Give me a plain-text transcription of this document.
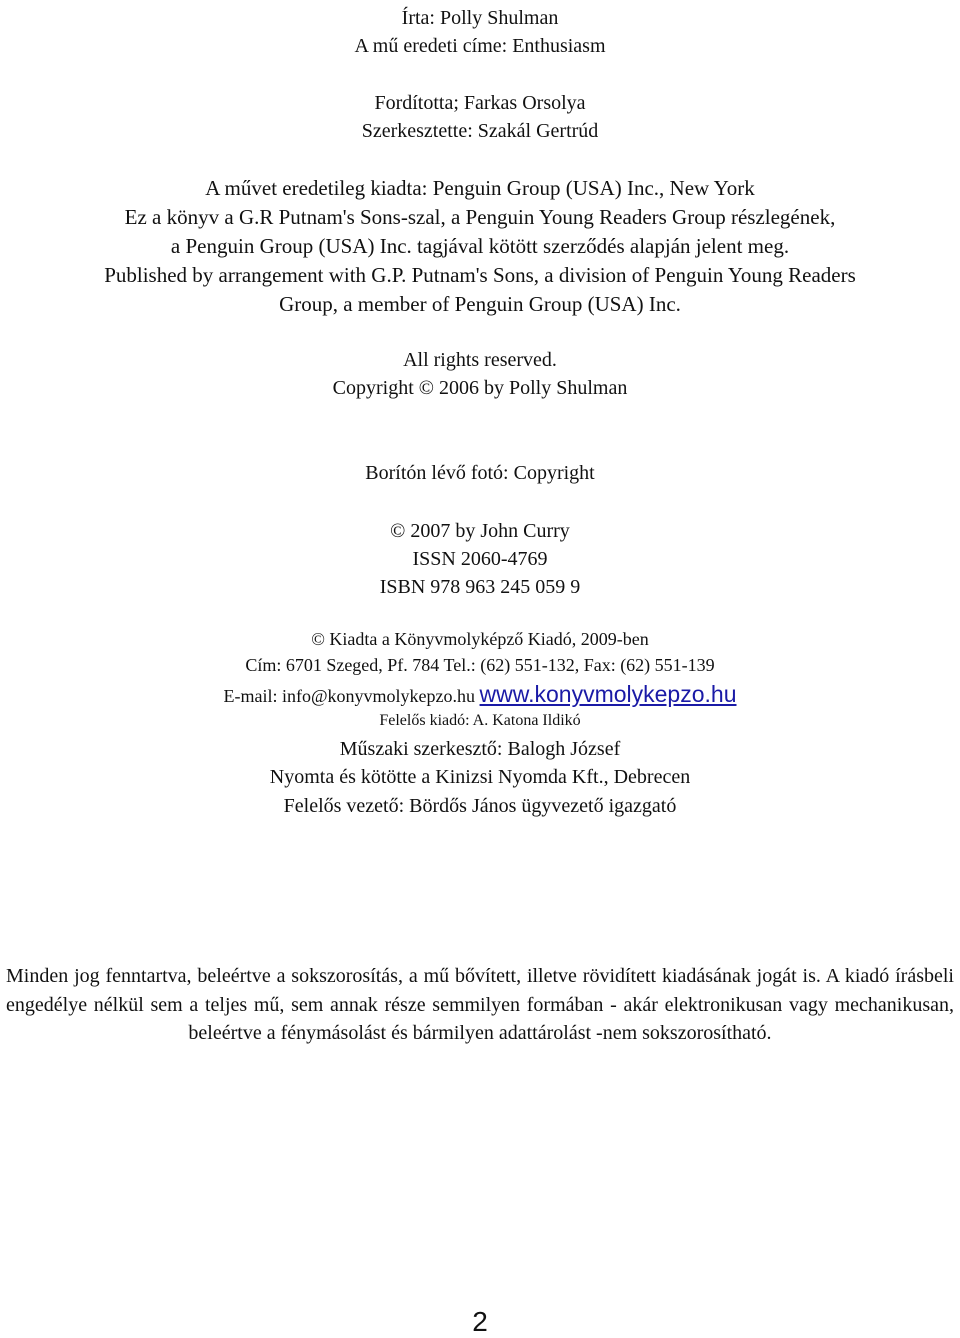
Írta: Polly Shulman

A mű eredeti címe: Enthusiasm

Fordította; Farkas Orsolya

Szerkesztette: Szakál Gertrúd

A művet eredetileg kiadta: Penguin Group (USA) Inc., New York

Ez a könyv a G.R Putnam's Sons-szal, a Penguin Young Readers Group részlegének,

a Penguin Group (USA) Inc. tagjával kötött szerződés alapján jelent meg.

Published by arrangement with G.P. Putnam's Sons, a division of Penguin Young Readers

Group, a member of Penguin Group (USA) Inc.

All rights reserved.

Copyright © 2006 by Polly Shulman

Borítón lévő fotó: Copyright

© 2007 by John Curry

ISSN 2060-4769

ISBN 978 963 245 059 9

© Kiadta a Könyvmolyképző Kiadó, 2009-ben

Cím: 6701 Szeged, Pf. 784 Tel.: (62) 551-132, Fax: (62) 551-139

E-mail: info@konyvmolykepzo.hu www.konyvmolykepzo.hu

Felelős kiadó: A. Katona Ildikó

Műszaki szerkesztő: Balogh József

Nyomta és kötötte a Kinizsi Nyomda Kft., Debrecen

Felelős vezető: Bördős János ügyvezető igazgató

Minden jog fenntartva, beleértve a sokszorosítás, a mű bővített, illetve rövidített kiadásának jogát is. A kiadó írásbeli engedélye nélkül sem a teljes mű, sem annak része semmilyen formában - akár elektronikusan vagy mechanikusan, beleértve a fénymásolást és bármilyen adattárolást -nem sokszorosítható.

2
